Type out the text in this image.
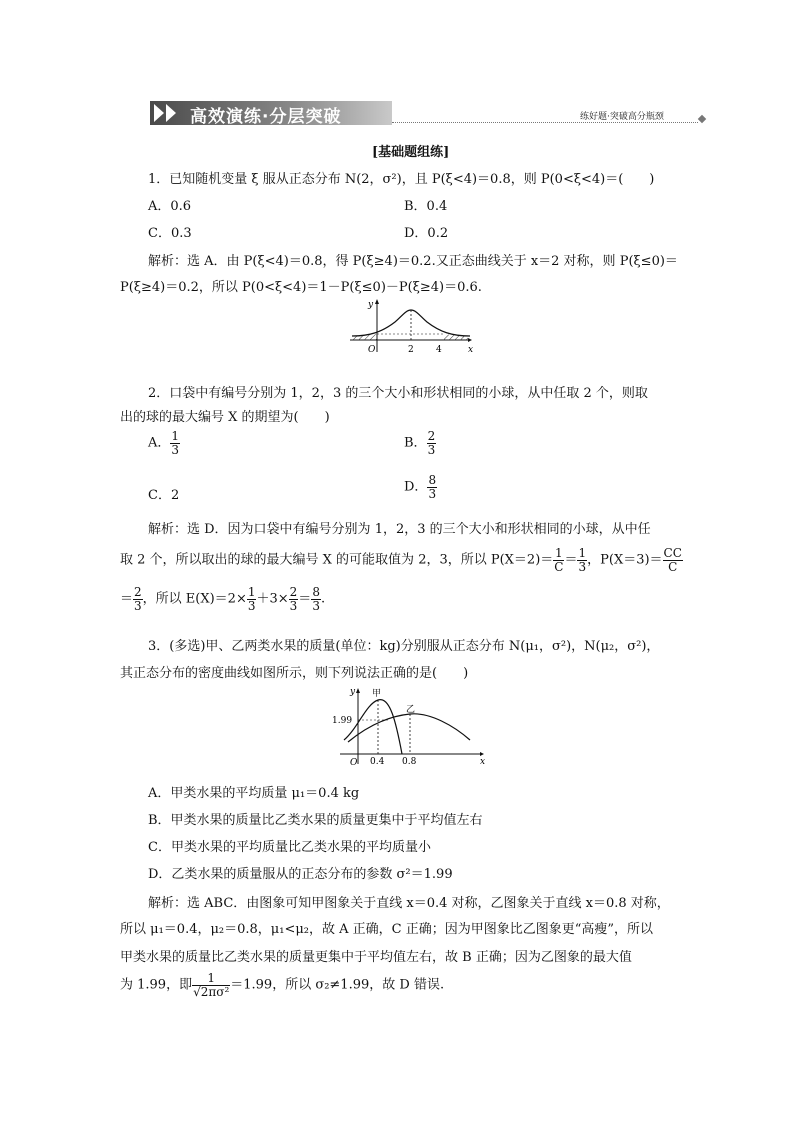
高效演练·分层突破	练好题·突破高分瓶颈
[基础题组练]
1．已知随机变量 ξ 服从正态分布 N(2，σ²)，且 P(ξ<4)＝0.8，则 P(0<ξ<4)＝(　　)
A．0.6	B．0.4
C．0.3	D．0.2
解析：选 A．由 P(ξ<4)＝0.8，得 P(ξ≥4)＝0.2.又正态曲线关于 x＝2 对称，则 P(ξ≤0)＝
P(ξ≥4)＝0.2，所以 P(0<ξ<4)＝1－P(ξ≤0)－P(ξ≥4)＝0.6.
y
x
O	2 4
2．口袋中有编号分别为 1，2，3 的三个大小和形状相同的小球，从中任取 2 个，则取
出的球的最大编号 X 的期望为(　　)
A． $\frac{1}{3}$	B． $\frac{2}{3}$
C．2
D． $\frac{8}{3}$
解析：选 D．因为口袋中有编号分别为 1，2，3 的三个大小和形状相同的小球，从中任
取 2 个，所以取出的球的最大编号 X 的可能取值为 2，3，所以 $P(X=2)= \frac{1}{C} = \frac{1}{3}$ ，$P(X=3)= \frac{CC}{C}$
＝ $\frac{2}{3}$ ，所以 $E(X)=2\times \frac{1}{3} +3\times \frac{2}{3} = \frac{8}{3}$ .
3．(多选)甲、乙两类水果的质量(单位：kg)分别服从正态分布 N(μ₁，σ²)，N(μ₂，σ²)，
其正态分布的密度曲线如图所示，则下列说法正确的是(　　)
y
x
O
甲
乙
1.99
0.4 0.8
A．甲类水果的平均质量 μ₁＝0.4 kg
B．甲类水果的质量比乙类水果的质量更集中于平均值左右
C．甲类水果的平均质量比乙类水果的平均质量小
D．乙类水果的质量服从的正态分布的参数 σ²＝1.99
解析：选 ABC．由图象可知甲图象关于直线 x＝0.4 对称，乙图象关于直线 x＝0.8 对称，
所以 μ₁＝0.4，μ₂＝0.8，μ₁<μ₂，故 A 正确，C 正确；因为甲图象比乙图象更“高瘦”，所以
甲类水果的质量比乙类水果的质量更集中于平均值左右，故 B 正确；因为乙图象的最大值
为 1.99，即 $\frac{1}{\text{√2πσ²}} =1.99$，所以 σ₂≠1.99，故 D 错误.
